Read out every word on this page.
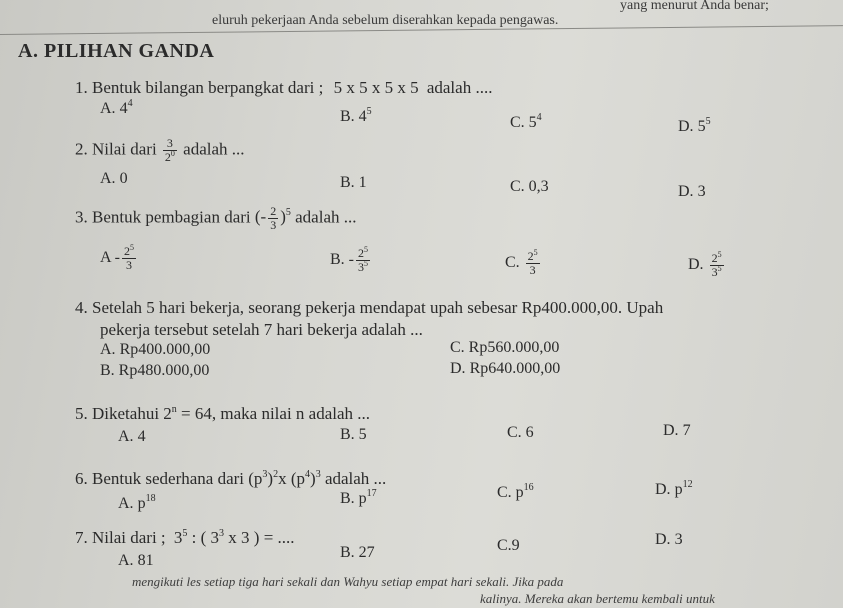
yang menurut Anda benar;
eluruh pekerjaan Anda sebelum diserahkan kepada pengawas.
A. PILIHAN GANDA
1. Bentuk bilangan berpangkat dari ; 5 x 5 x 5 x 5 adalah ....
A. $4^4$
B. $4^5$
C. $5^4$
D. $5^5$
2. Nilai dari $\frac{3}{2^0}$ adalah ...
A. 0	B. 1	C. 0,3	D. 3
3. Bentuk pembagian dari (- $\frac{2}{3} )^5$ adalah ...
A - $\frac{2^5}{3}$	B. - $\frac{2^5}{3^5}$	C. $\frac{2^5}{3}$	D. $\frac{2^5}{3^5}$
4. Setelah 5 hari bekerja, seorang pekerja mendapat upah sebesar Rp400.000,00. Upah
pekerja tersebut setelah 7 hari bekerja adalah ...
A. Rp400.000,00	C. Rp560.000,00
B. Rp480.000,00	D. Rp640.000,00
5. Diketahui $2^n = 64$, maka nilai n adalah ...
A. 4	B. 5	C. 6	D. 7
6. Bentuk sederhana dari $(p^3)^2x$ $(p^4)^3$ adalah ...
A. $p^{18}$	B. $p^{17}$	C. $p^{16}$	D. $p^{12}$
7. Nilai dari ; $3^5$ : ( $3^3$ x 3 ) = ....
A. 81	B. 27	C.9	D. 3
mengikuti les setiap tiga hari sekali dan Wahyu setiap empat hari sekali. Jika pada
kalinya. Mereka akan bertemu kembali untuk
